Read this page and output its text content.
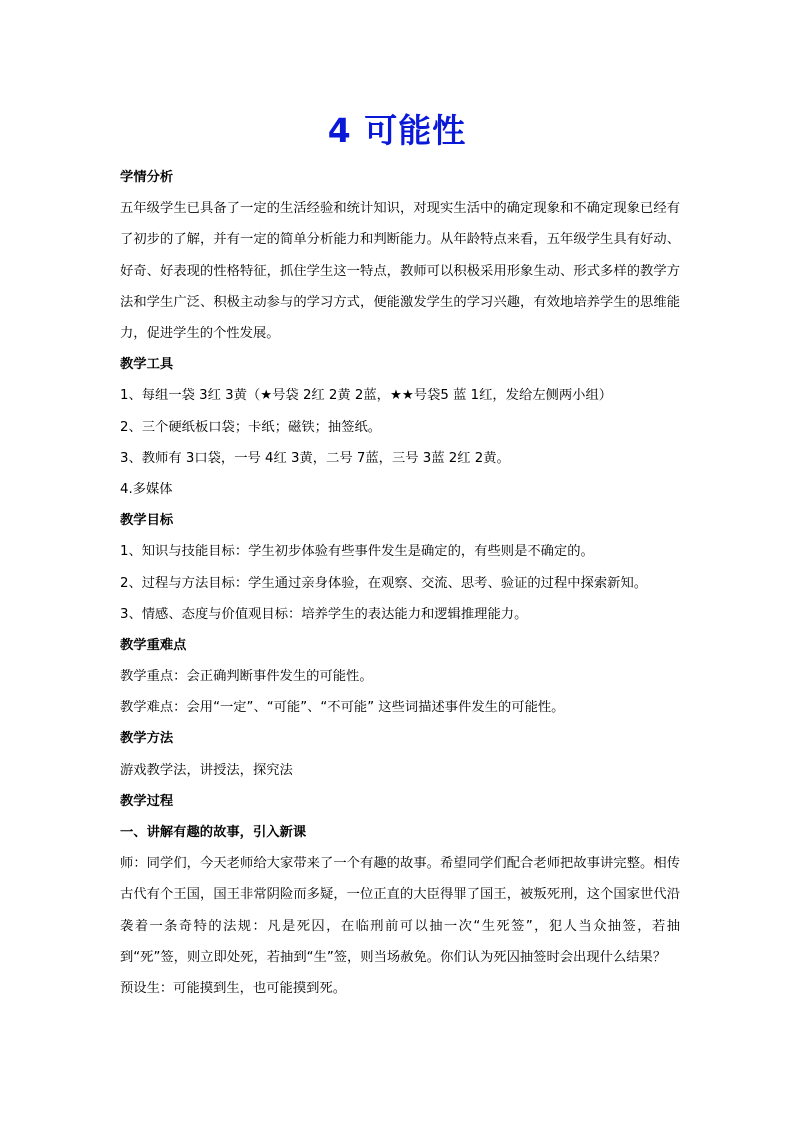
4 可能性
学情分析
五年级学生已具备了一定的生活经验和统计知识，对现实生活中的确定现象和不确定现象已经有了初步的了解，并有一定的简单分析能力和判断能力。从年龄特点来看，五年级学生具有好动、好奇、好表现的性格特征，抓住学生这一特点，教师可以积极采用形象生动、形式多样的教学方法和学生广泛、积极主动参与的学习方式，便能激发学生的学习兴趣，有效地培养学生的思维能力，促进学生的个性发展。
教学工具
1、每组一袋 3红 3黄（★号袋 2红 2黄 2蓝，★★号袋5 蓝 1红，发给左侧两小组）
2、三个硬纸板口袋；卡纸；磁铁；抽签纸。
3、教师有 3口袋，一号 4红 3黄，二号 7蓝，三号 3蓝 2红 2黄。
4.多媒体
教学目标
1、知识与技能目标：学生初步体验有些事件发生是确定的，有些则是不确定的。
2、过程与方法目标：学生通过亲身体验，在观察、交流、思考、验证的过程中探索新知。
3、情感、态度与价值观目标：培养学生的表达能力和逻辑推理能力。
教学重难点
教学重点：会正确判断事件发生的可能性。
教学难点：会用“一定”、“可能”、“不可能” 这些词描述事件发生的可能性。
教学方法
游戏教学法，讲授法，探究法
教学过程
一、讲解有趣的故事，引入新课
师：同学们，今天老师给大家带来了一个有趣的故事。希望同学们配合老师把故事讲完整。相传古代有个王国，国王非常阴险而多疑，一位正直的大臣得罪了国王，被叛死刑，这个国家世代沿袭着一条奇特的法规：凡是死囚，在临刑前可以抽一次“生死签”，犯人当众抽签，若抽到“死”签，则立即处死，若抽到“生”签，则当场赦免。你们认为死囚抽签时会出现什么结果？
预设生：可能摸到生，也可能摸到死。
